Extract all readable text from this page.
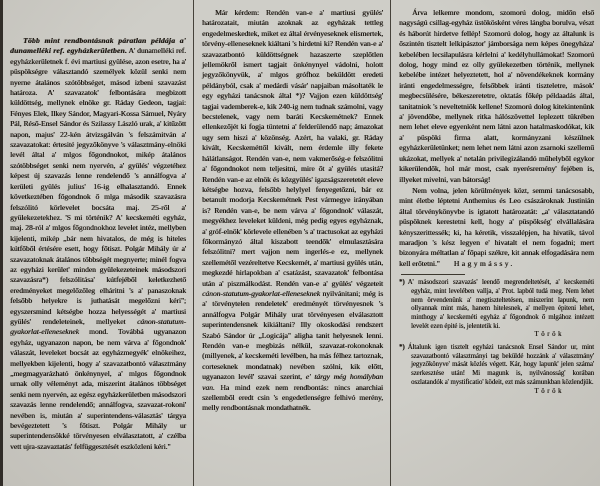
Több mint rendbontásnak páratlan példája a' dunamelléki ref. egyházkerületben. A' dunamelléki ref. egyházkerületnek f. évi martiusi gyülése, azon esetre, ha a' püspökségre választandó személyek közül senki nem nyerne átalános szótöbbséget, másod izbeni szavazást határoza. A' szavazatok' felbontására megbizott küldöttség, mellynek elnöke gr. Ráday Gedeon, tagjai: Fényes Elek, Ilkey Sándor, Magyari-Kossa Sámuel, Nyáry Pál, Réső-Ensel Sándor és Szilassy László urak, a' kitűzött napon, majus' 22-kén átvizsgálván 's felszámitván a' szavazatokat: értesité jegyzőkönyve 's választmány-elnöki levél által a' mlgos főgondnokot, mikép átalános szótöbbséget senki nem nyervén, a' gyülés' végzetéhez képest új szavazás lenne rendelendő 's annálfogva a' kerületi gyülés julius' 16-ig elhalasztandó. Ennek következtében főgondnok ő mlga második szavazásra felszólitó körlevelet bocsáta maj. 25-ről a' gyülekezetekhez. 'S mi történik? A' kecskeméti egyház, maj. 28-ról a' mlgos főgondnokhoz levelet intéz, mellyben kijelenti, mikép „bár nem hivatalos, de még is hiteles kútfőből értésére esett, hogy főtiszt. Polgár Mihály úr a' szavazatoknak átalános többségét megnyerte; minél fogva az egyházi kerület' minden gyülekezeteinek másodszori szavazásra*) felszólitása' kútfejéből keletkezhető eredményeket megelőzőleg elháritni 's a' panaszoknak felsőbb helyekre is juthatását megelőzni kéri"; egyszersmind kétségbe hozza helyességét a' martiusi gyülés' rendeleteinek, mellyeket cánon-statutum-gyakorlat-elleneseknek mond. Továbbá ugyanazon egyház, ugyanazon napon, be nem várva a' főgondnok' válaszát, leveleket bocsát az egyházmegyék' elnökeihez, mellyekben kijelenti, hogy a' szavazatbontó választmány „megmagyarázható önkénynyel, a' mlgos főgondnok urnak olly véleményt ada, miszerint átalános többséget senki nem nyervén, az egész egyházkerületben másodszori szavazás lenne rendelendő; annálfogva, szavazat-rokoni' nevében is, miután a' superintendens-választás' tárgya bevégeztetett 's főtiszt. Polgár Mihály ur superintendensökké törvényesen elválasztatott, a' czélba vett ujra-szavaztatás' felfüggesztését eszközleni kéri."

Már kérdem: Rendén van-e a' martiusi gyülés' határozatait, miután azoknak az egyházak tettleg engedelmeskedtek, miket ez által érvényeseknek elismertek, törvény-elleneseknek kiáltani 's hirdetni ki? Rendén van-e a' szavazatbontó küldöttségnek hazaszerte szeplőtlen jellemökről ismert tagjait önkénynyel vádolni, holott jegyzőkönyvük, a' mlgos grófhoz beküldött eredeti példányból, csak a' medárdi vásár' napjaiban másoltaték le egy egyházi tanácsnok által *)? Vajjon ezen küldöttség' tagjai vademberek-e, kik 240-ig nem tudnak számolni, vagy becstelenek, vagy nem baráti Kecskemétnek? Ennek ellenkezőjét ki fogja tüntetni a' felderülendő nap; ámazokat ugy sem hiszi a' közönség. Azért, ha valaki, gr. Ráday kivált, Kecskeméttől kivált, nem érdemle illy fekete hálátlanságot. Rendén van-e, nem vakmerőség-e felszólitni a' főgondnokot nem teljesitni, mire őt a' gyülés utasitá? Rendén van-e az elnök és közgyülés' igazságszeretetét eleve kétségbe hozva, felsőbb helylyel fenyegetőzni, bár ez betanult modorja Kecskemétnek Pest vármegye irányában is? Rendén van-e, be nem várva a' főgondnok' válaszát, megyékhez leveleket küldeni, még pedig egyes egyháznak, a' gróf-elnök' körlevele ellenében 's a' tractusokat az egyházi főkormányzó által kiszabott teendők' elmulasztására felszólitni? mert vajjon nem ingerlés-e ez, mellynek szellemétől vezéreltetve Kecskemét, a' martiusi gyülés után, megkezdé hirlapokban a' csatázást, szavazatok' felbontása után a' piszmálkodást. Rendén van-e a' gyülés' végzeteit cánon-statutum-gyakorlat-elleneseknek nyilvánitani; még is a' törvénytelen rendeletek' eredményét törvényesnek 's annálfogva Polgár Mihály urat törvényesen elválasztott superintendensnek kikiáltani? Illy okoskodási rendszert Szabó Sándor úr „Logicája" aligha tanit helyesnek lenni. Rendén van-e megbizás nélkül, szavazat-rokonoknak (millyenek, a' kecskeméti levélben, ha más félhez tartoznak, corteseknek mondatnak) nevében szólni, kik előtt, ugyanazon levél' szavai szerint, e' tárgy még homályban van. Ha mind ezek nem rendbontás: nincs anarchiai szellemből eredt csin 's engedetlenségre felhivó merény, melly rendbontásnak mondathatnék.

Árva lelkemre mondom, szomorú dolog, midőn első nagyságú csillag-egyház üstökösként véres lángba borulva, vészt és háborút hirdetve fellép! Szomorú dolog, hogy az általunk is őszintén tisztelt lelkipásztor' jámborsága nem képes önegyháza' kebelében lecsilapulásra kérlelni a' kedélyhullámokat! Szomorú dolog, hogy mind ez olly gyülekezetben történik, mellynek kebelébe intézet helyeztetett, hol a' növendékeknek kormány iránti engedelmességre, felsőbbek iránti tiszteletre, mások' megbecsülésére, békeszeretetre, oktatás főkép példaadás által, tanitatniok 's neveltetniök kellene! Szomorú dolog kitekintenünk a' jövendőbe, mellynek ritka hálószövettel leplezett tükrében nem lehet eleve egyenként nem látni azon hatalmaskodókat, kik a' püspöki firma alatt, kormányzani készülnek egyházkerületünket; nem lehet nem látni azon zsarnoki szellemű ukázokat, mellyek a' netalán privilegizálandó műhelyből egykor kikerülendők, hol már most, csak nyerésremény' fejében is, illyeket mivelni, van bátorság!

Nem volna, jelen körülmények közt, semmi tanácsosabb, mint életbe léptetni Anthemius és Leo császároknak Justinián által törvénykönyvbe is igtatott határozatát: „a' választatandó püspöknek kerestetni kell, hogy a' püspökség' elvállalására kényszerittessék; ki, ha kéretik, visszalépjen, ha hivatik, távol maradjon 's kész legyen e' hivatalt el nem fogadni; mert bizonyára méltatlan a' főpapi székre, kit annak elfogadására nem kell erőtetni." Hagymássy.

*) A' másodszori szavazás' leendő megrendeltetését, a' kecskeméti egyház, mint levelében vallja, a' Prot. lapból tudá meg. Nem lehet nem örvendenünk a' megtiszteltetésen, miszerint lapunk, nem ollyannak mint más, hanem hitelesnek, a' mellyen épiteni lehet, minthogy a' kecskeméti egyház a' főgondnok ő mlgához intézett levelét ezen épité is, jelentetik ki.
Török
*) Általunk igen tisztelt egyházi tanácsnok Ensel Sándor ur, mint szavazatbontó választmányi tag beküldé hozzánk a' választmány' jegyzőkönyve' mását közlés végett. Kár, hogy lapunk' jelen száma' szerkesztése után! Mi magunk is, nyilvánosság' korában oszlatandók a' mystificatio' ködeit, ezt más számunkban közlendjük.
Török
